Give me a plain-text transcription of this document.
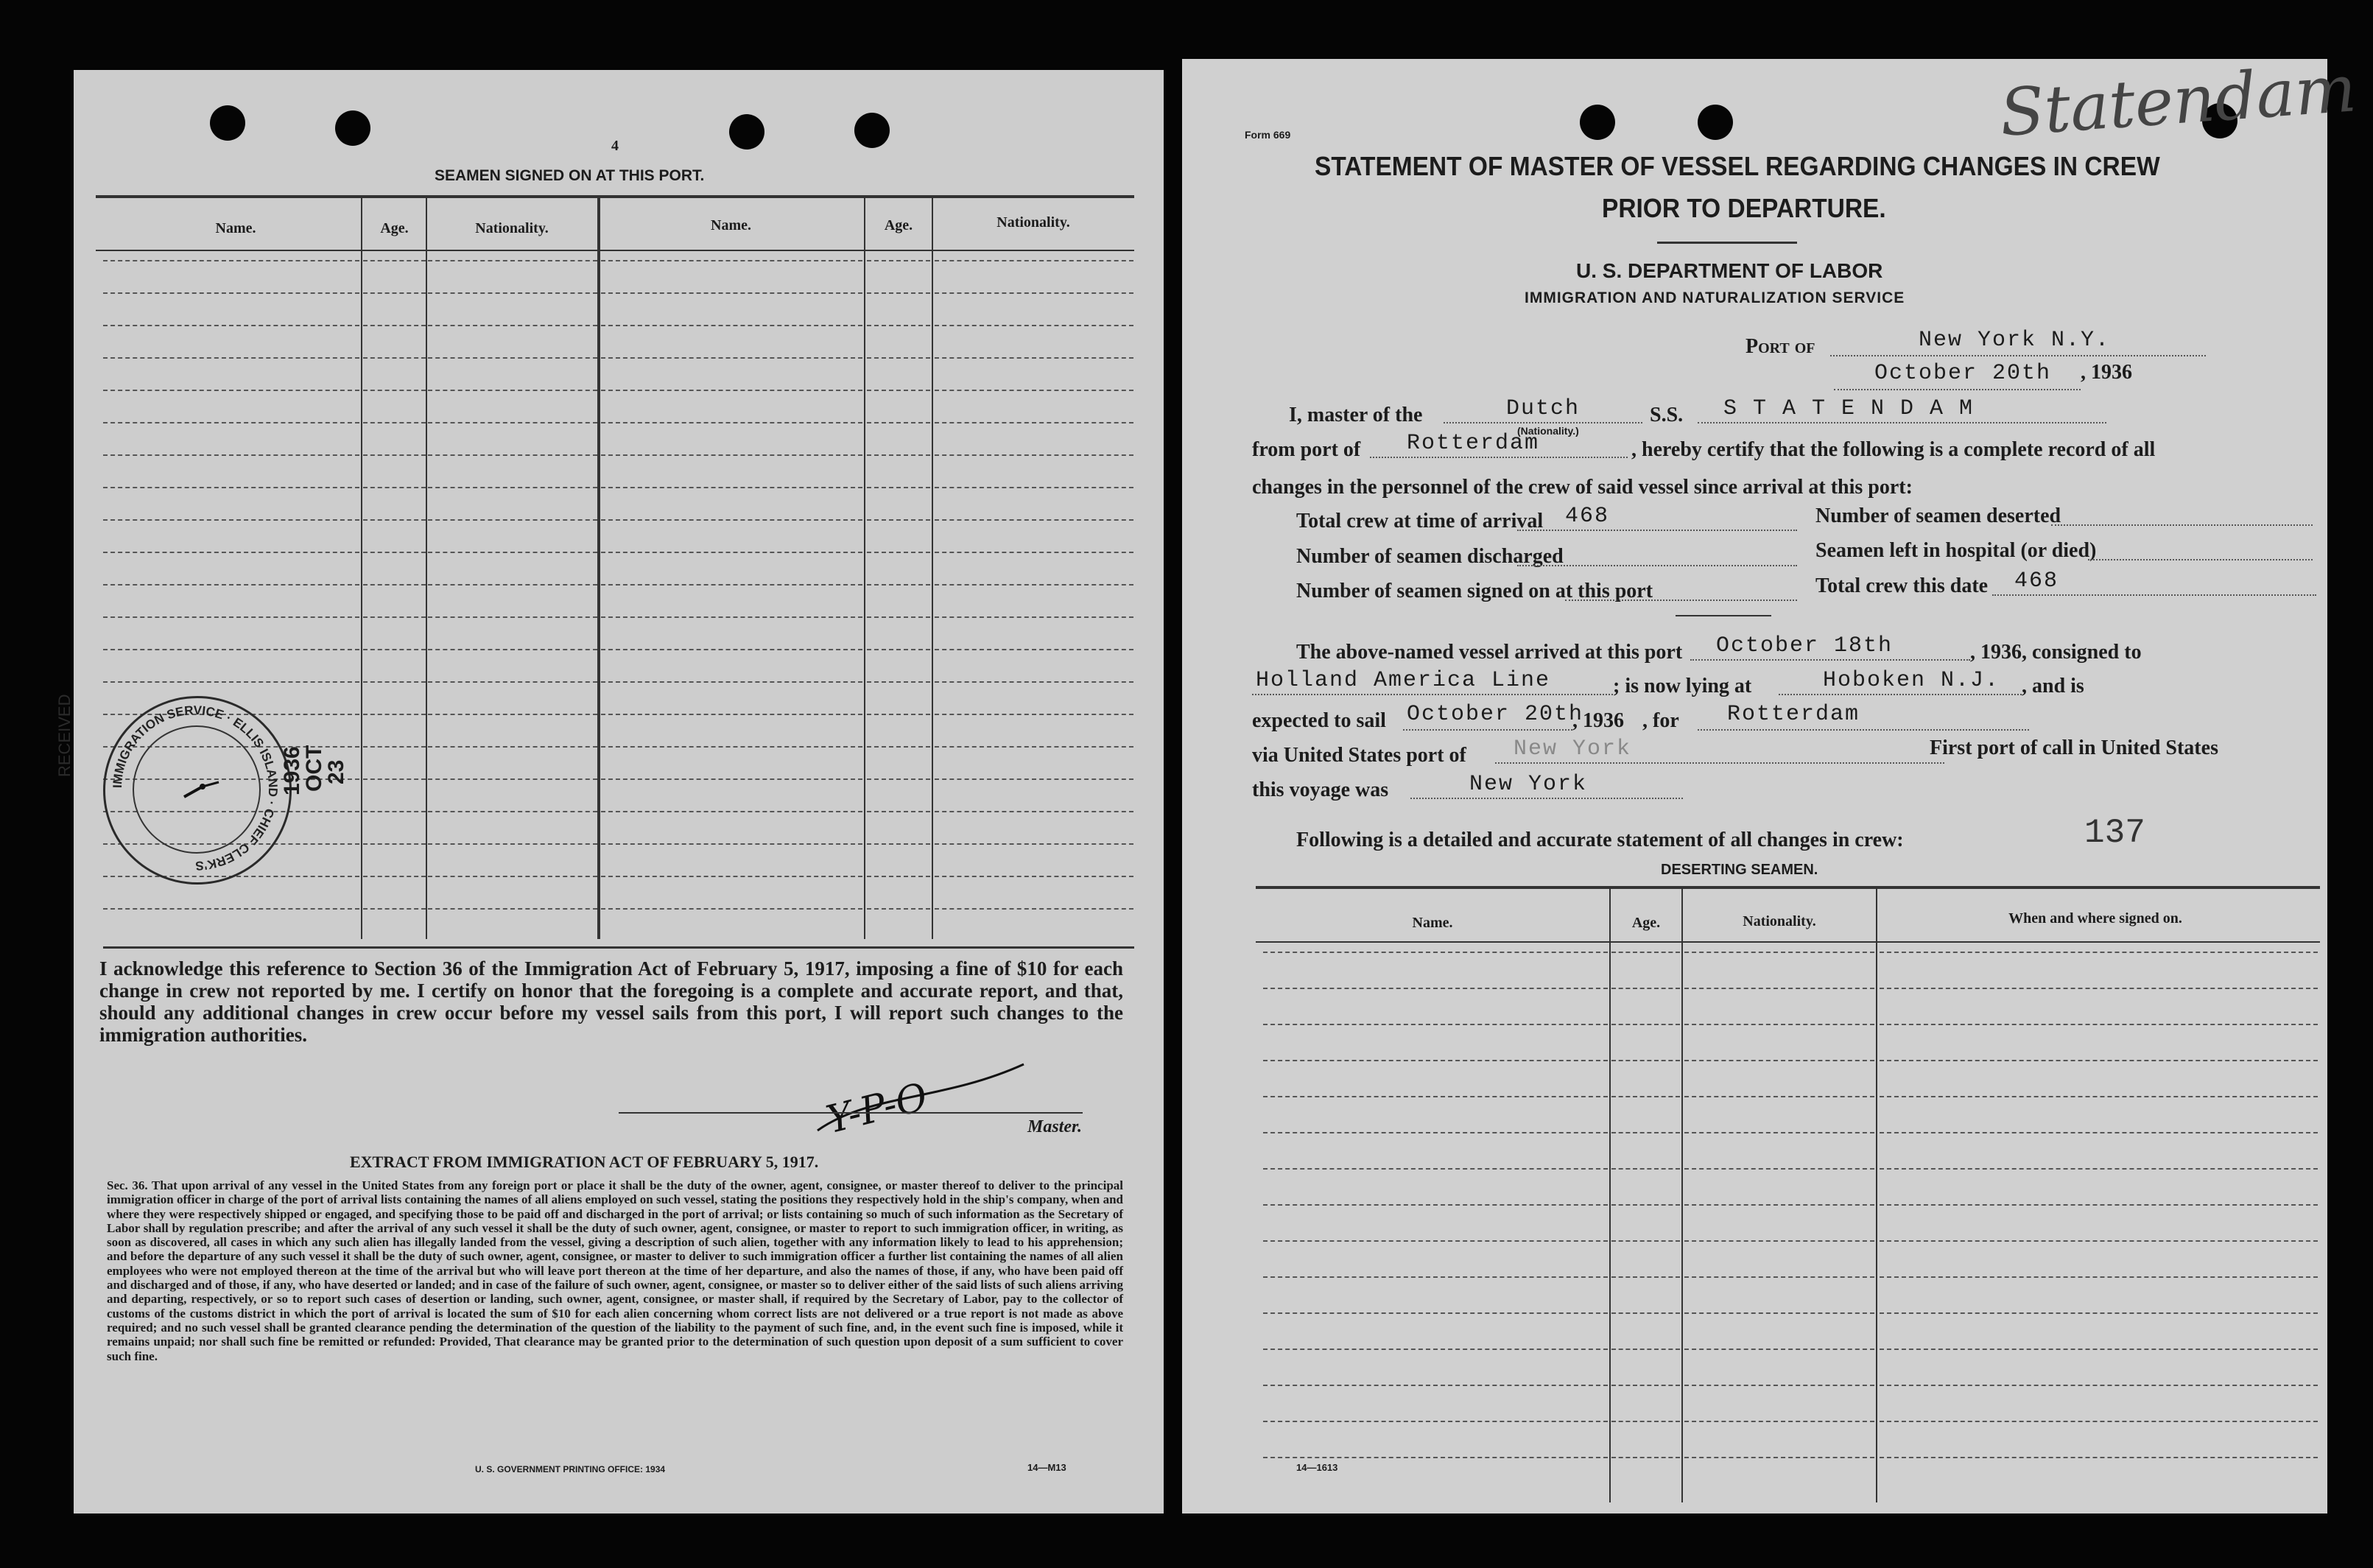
4
SEAMEN SIGNED ON AT THIS PORT.
Name.	Age.	Nationality.	Name.	Age.	Nationality.
RECEIVED
IMMIGRATION SERVICE · ELLIS ISLAND · CHIEF CLERK'S
1936
OCT
23
I acknowledge this reference to Section 36 of the Immigration Act of February 5, 1917, imposing a fine of $10 for each change in crew not reported by me. I certify on honor that the foregoing is a complete and accurate report, and that, should any additional changes in crew occur before my vessel sails from this port, I will report such changes to the immigration authorities.
Y-P-O	Master.
EXTRACT FROM IMMIGRATION ACT OF FEBRUARY 5, 1917.
Sec. 36. That upon arrival of any vessel in the United States from any foreign port or place it shall be the duty of the owner, agent, consignee, or master thereof to deliver to the principal immigration officer in charge of the port of arrival lists containing the names of all aliens employed on such vessel, stating the positions they respectively hold in the ship's company, when and where they were respectively shipped or engaged, and specifying those to be paid off and discharged in the port of arrival; or lists containing so much of such information as the Secretary of Labor shall by regulation prescribe; and after the arrival of any such vessel it shall be the duty of such owner, agent, consignee, or master to report to such immigration officer, in writing, as soon as discovered, all cases in which any such alien has illegally landed from the vessel, giving a description of such alien, together with any information likely to lead to his apprehension; and before the departure of any such vessel it shall be the duty of such owner, agent, consignee, or master to deliver to such immigration officer a further list containing the names of all alien employees who were not employed thereon at the time of the arrival but who will leave port thereon at the time of her departure, and also the names of those, if any, who have been paid off and discharged and of those, if any, who have deserted or landed; and in case of the failure of such owner, agent, consignee, or master so to deliver either of the said lists of such aliens arriving and departing, respectively, or so to report such cases of desertion or landing, such owner, agent, consignee, or master shall, if required by the Secretary of Labor, pay to the collector of customs of the customs district in which the port of arrival is located the sum of $10 for each alien concerning whom correct lists are not delivered or a true report is not made as above required; and no such vessel shall be granted clearance pending the determination of the question of the liability to the payment of such fine, and, in the event such fine is imposed, while it remains unpaid; nor shall such fine be remitted or refunded: Provided, That clearance may be granted prior to the determination of such question upon deposit of a sum sufficient to cover such fine.
U. S. GOVERNMENT PRINTING OFFICE: 1934	14—M13
Form 669	Statendam
STATEMENT OF MASTER OF VESSEL REGARDING CHANGES IN CREW
PRIOR TO DEPARTURE.
U. S. DEPARTMENT OF LABOR
IMMIGRATION AND NATURALIZATION SERVICE
Port of	New York N.Y.
October 20th , 1936
I, master of the	Dutch
(Nationality.)
S.S. S T A T E N D A M
from port of Rotterdam	, hereby certify that the following is a complete record of all
changes in the personnel of the crew of said vessel since arrival at this port:
Total crew at time of arrival 468
Number of seamen discharged
Number of seamen signed on at this port
Number of seamen deserted
Seamen left in hospital (or died)
Total crew this date 468
The above-named vessel arrived at this port October 18th	, 1936, consigned to
Holland America Line	; is now lying at	Hoboken N.J. , and is
expected to sail October 20th
, 1936 , for Rotterdam
via United States port of New York	First port of call in United States
this voyage was	New York
Following is a detailed and accurate statement of all changes in crew:	137
DESERTING SEAMEN.
Name.	Age.	Nationality.	When and where signed on.
14—1613
